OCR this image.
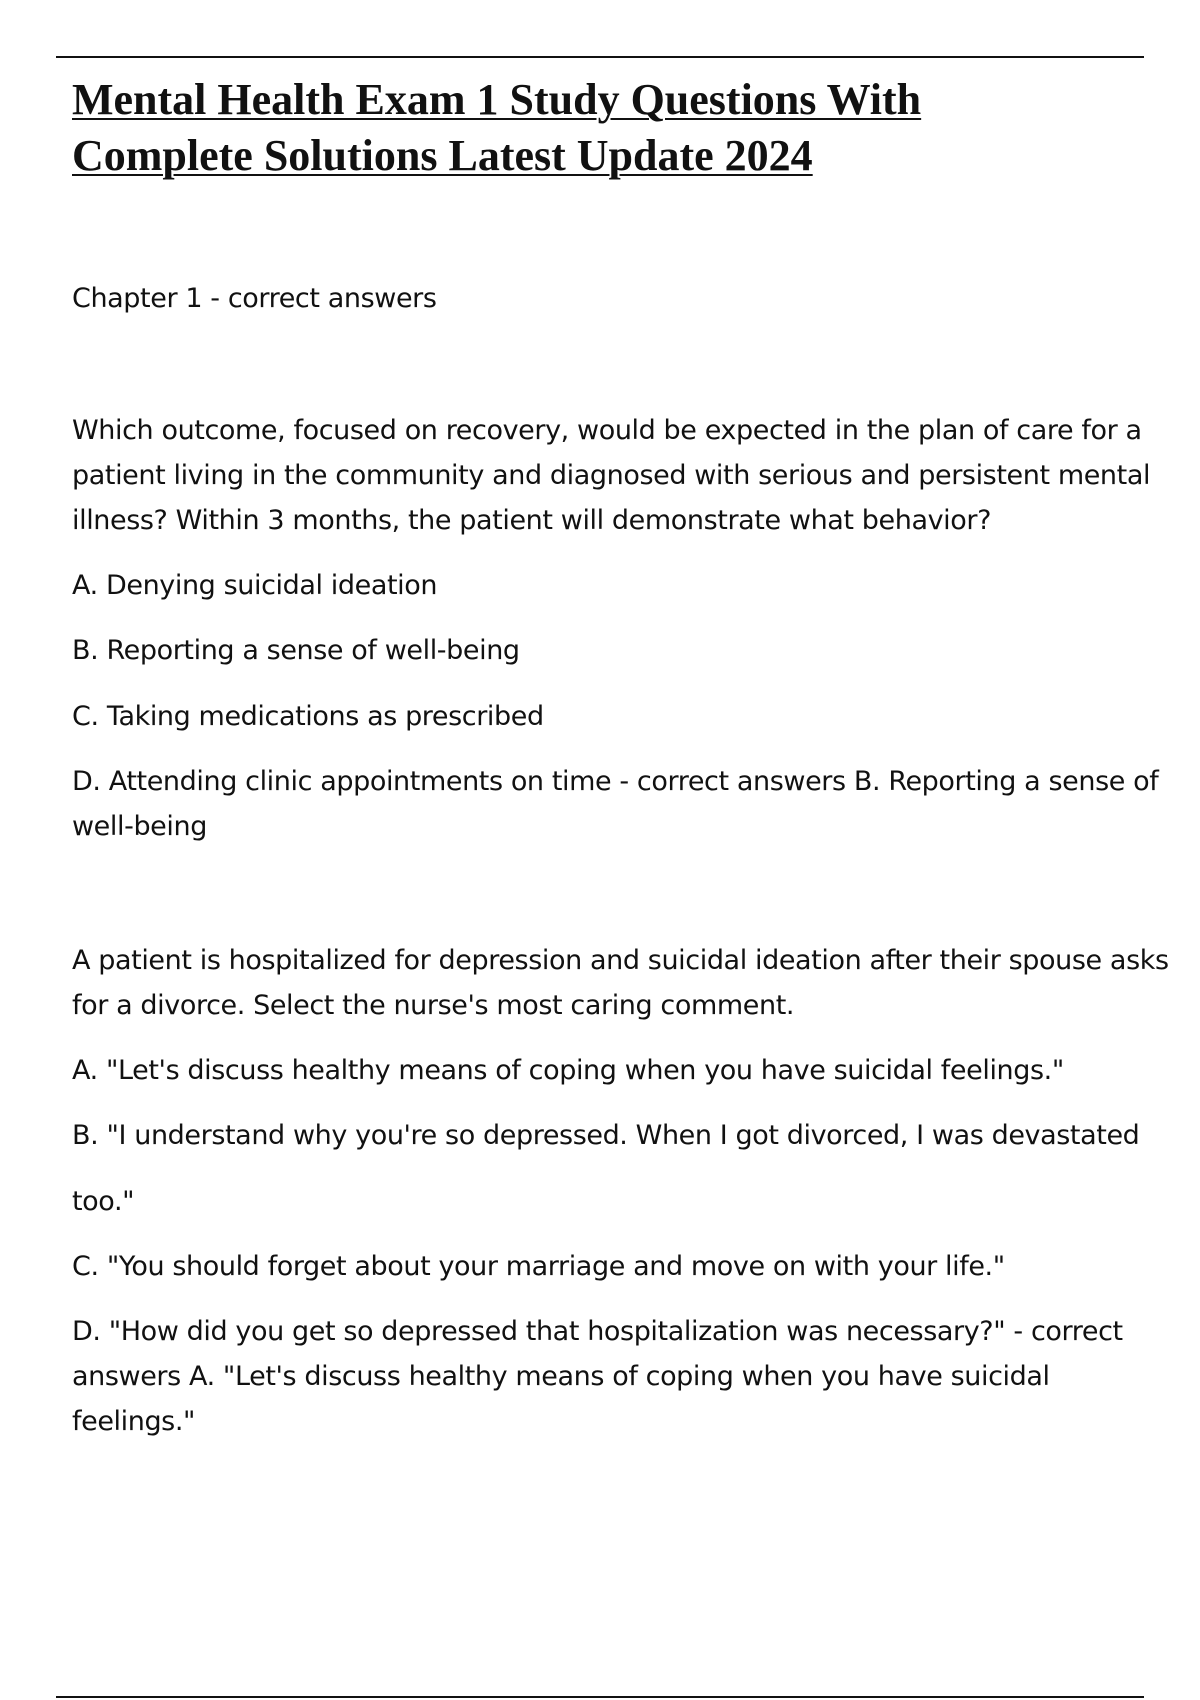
Mental Health Exam 1 Study Questions With
Complete Solutions Latest Update 2024

Chapter 1 - correct answers

Which outcome, focused on recovery, would be expected in the plan of care for a
patient living in the community and diagnosed with serious and persistent mental
illness? Within 3 months, the patient will demonstrate what behavior?

A. Denying suicidal ideation

B. Reporting a sense of well-being

C. Taking medications as prescribed

D. Attending clinic appointments on time - correct answers B. Reporting a sense of
well-being

A patient is hospitalized for depression and suicidal ideation after their spouse asks
for a divorce. Select the nurse's most caring comment.

A. "Let's discuss healthy means of coping when you have suicidal feelings."

B. "I understand why you're so depressed. When I got divorced, I was devastated

too."

C. "You should forget about your marriage and move on with your life."

D. "How did you get so depressed that hospitalization was necessary?" - correct
answers A. "Let's discuss healthy means of coping when you have suicidal
feelings."
